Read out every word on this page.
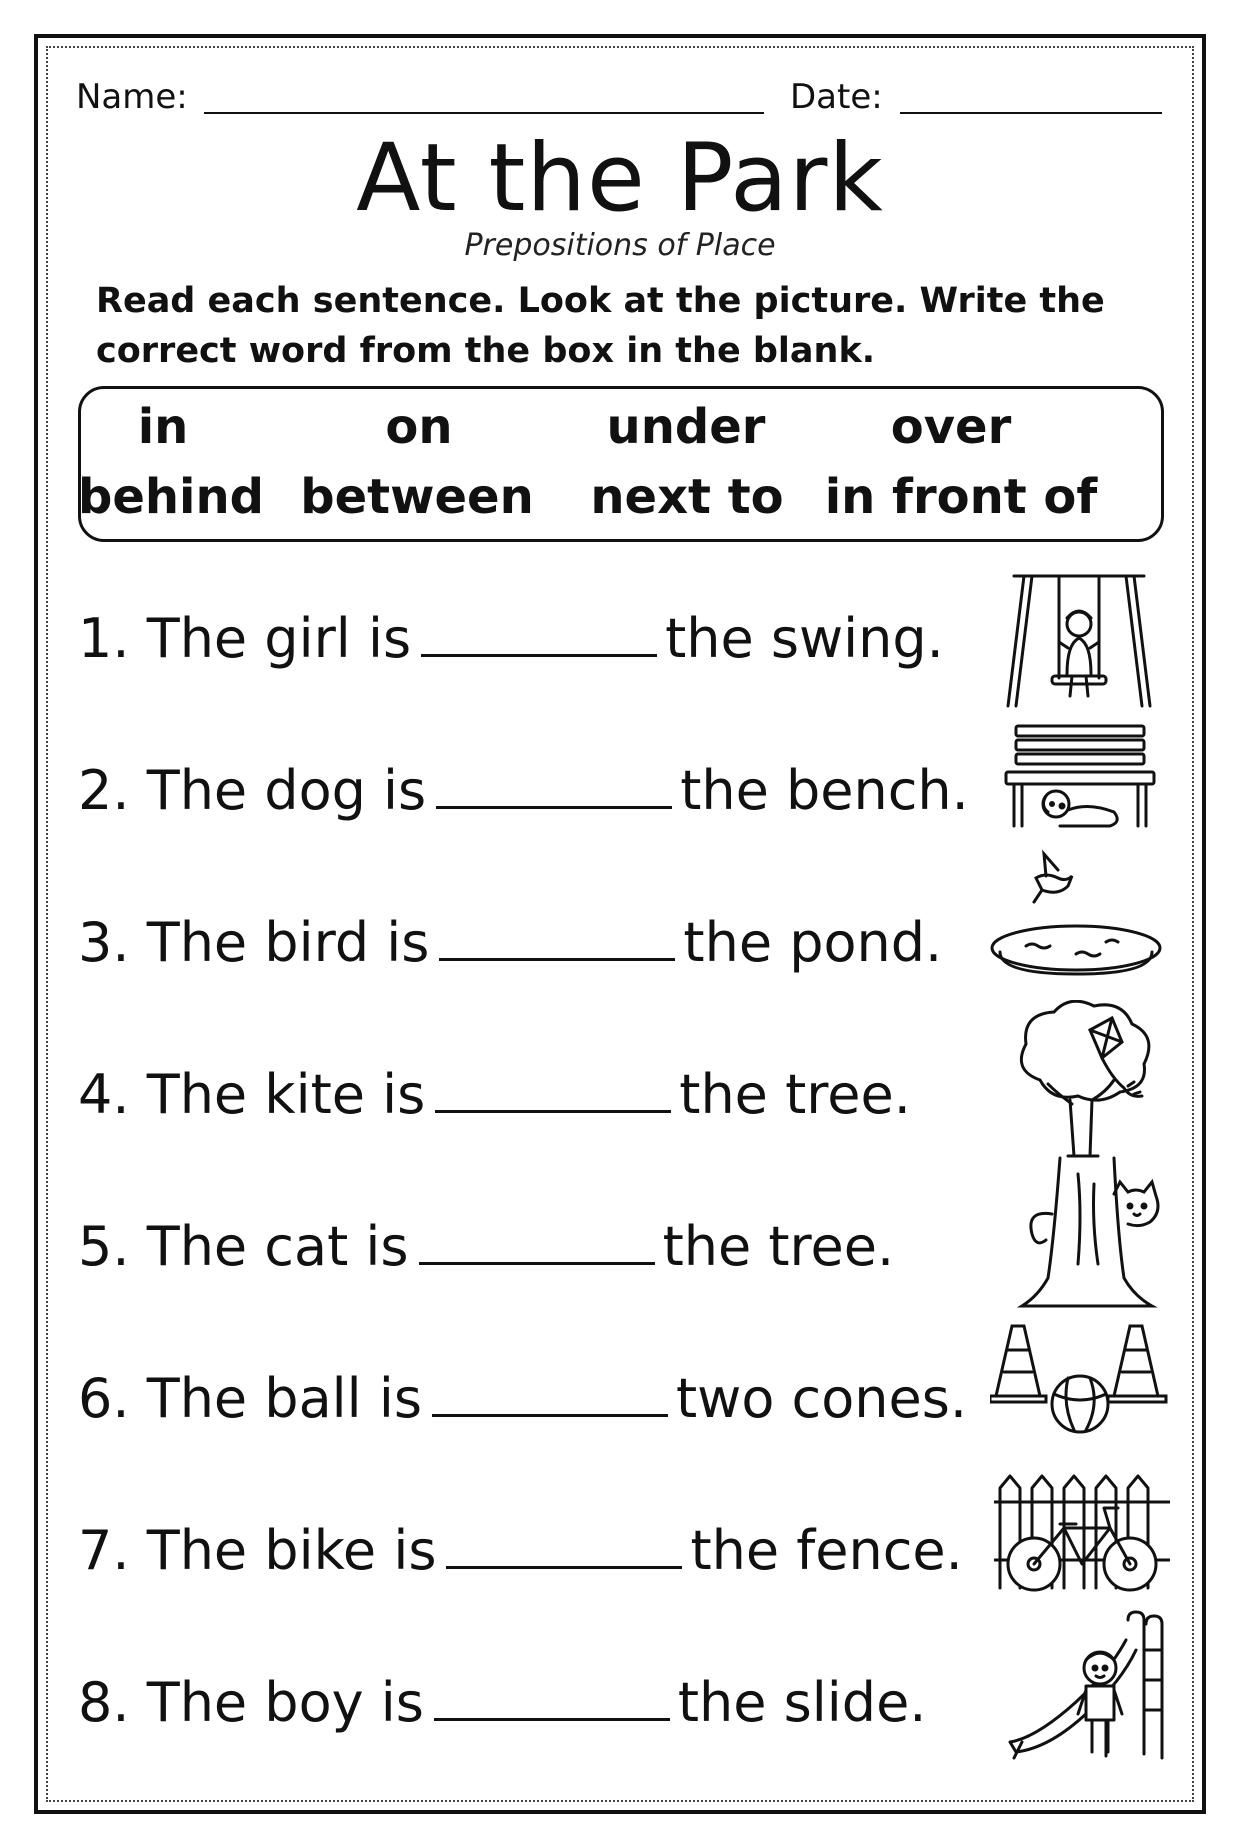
Name:	Date:
At the Park
Prepositions of Place
Read each sentence. Look at the picture. Write the correct word from the box in the blank.
in	on	under	over
behind between	next to in front of
1. The girl is	the swing.
2. The dog is	the bench.
3. The bird is	the pond.
4. The kite is	the tree.
5. The cat is	the tree.
6. The ball is	two cones.
7. The bike is	the fence.
8. The boy is	the slide.
